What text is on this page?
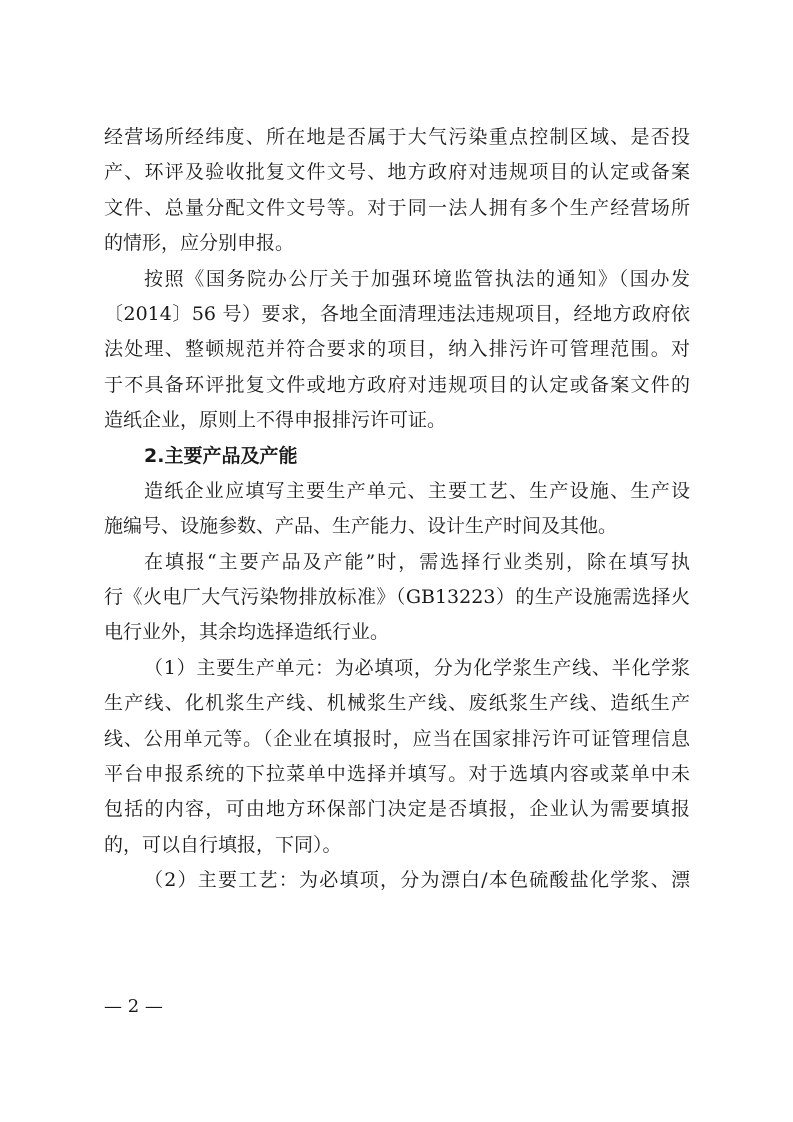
经营场所经纬度、所在地是否属于大气污染重点控制区域、是否投
产、环评及验收批复文件文号、地方政府对违规项目的认定或备案
文件、总量分配文件文号等。对于同一法人拥有多个生产经营场所
的情形，应分别申报。
按照《国务院办公厅关于加强环境监管执法的通知》（国办发
〔2014〕56 号）要求，各地全面清理违法违规项目，经地方政府依
法处理、整顿规范并符合要求的项目，纳入排污许可管理范围。对
于不具备环评批复文件或地方政府对违规项目的认定或备案文件的
造纸企业，原则上不得申报排污许可证。
2.主要产品及产能
造纸企业应填写主要生产单元、主要工艺、生产设施、生产设
施编号、设施参数、产品、生产能力、设计生产时间及其他。
在填报“主要产品及产能”时，需选择行业类别，除在填写执
行《火电厂大气污染物排放标准》（GB13223）的生产设施需选择火
电行业外，其余均选择造纸行业。
（1）主要生产单元：为必填项，分为化学浆生产线、半化学浆
生产线、化机浆生产线、机械浆生产线、废纸浆生产线、造纸生产
线、公用单元等。（企业在填报时，应当在国家排污许可证管理信息
平台申报系统的下拉菜单中选择并填写。对于选填内容或菜单中未
包括的内容，可由地方环保部门决定是否填报，企业认为需要填报
的，可以自行填报，下同）。
（2）主要工艺：为必填项，分为漂白/本色硫酸盐化学浆、漂
— 2 —
